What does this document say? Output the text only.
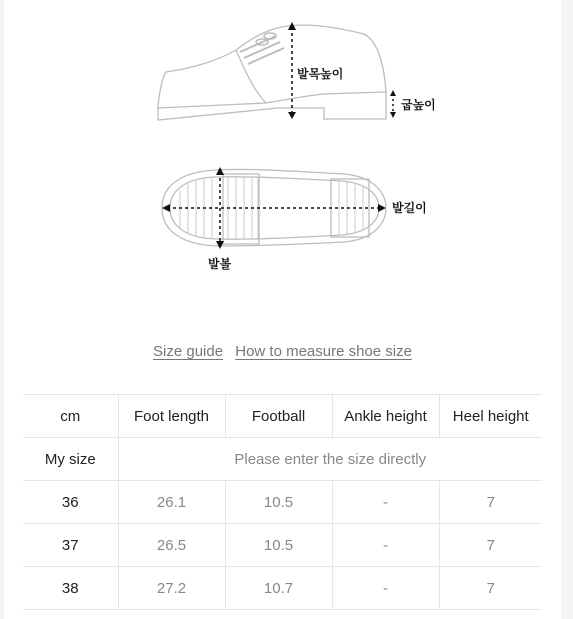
발목높이
굽높이
발길이
발볼
Size guide How to measure shoe size
cm	Foot length	Football	Ankle height	Heel height
My size	Please enter the size directly			
36	26.1	10.5	-	7
37	26.5	10.5	-	7
38	27.2	10.7	-	7
